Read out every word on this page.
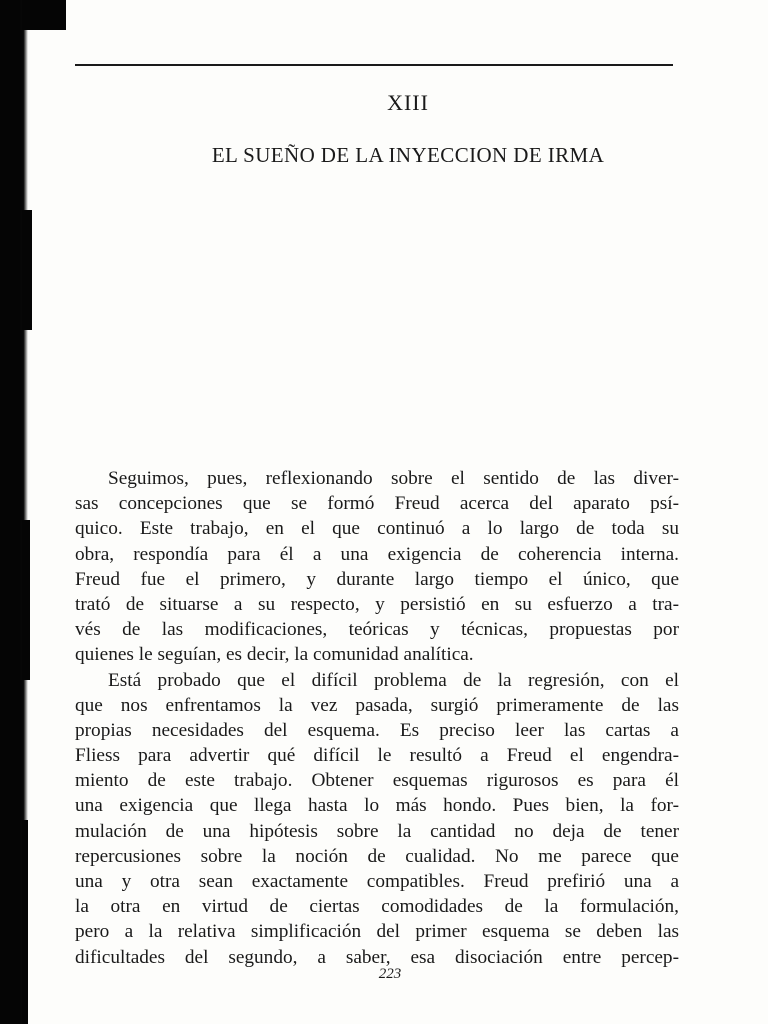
XIII
EL SUEÑO DE LA INYECCION DE IRMA
Seguimos, pues, reflexionando sobre el sentido de las diver-
sas concepciones que se formó Freud acerca del aparato psí-
quico. Este trabajo, en el que continuó a lo largo de toda su
obra, respondía para él a una exigencia de coherencia interna.
Freud fue el primero, y durante largo tiempo el único, que
trató de situarse a su respecto, y persistió en su esfuerzo a tra-
vés de las modificaciones, teóricas y técnicas, propuestas por
quienes le seguían, es decir, la comunidad analítica.
Está probado que el difícil problema de la regresión, con el
que nos enfrentamos la vez pasada, surgió primeramente de las
propias necesidades del esquema. Es preciso leer las cartas a
Fliess para advertir qué difícil le resultó a Freud el engendra-
miento de este trabajo. Obtener esquemas rigurosos es para él
una exigencia que llega hasta lo más hondo. Pues bien, la for-
mulación de una hipótesis sobre la cantidad no deja de tener
repercusiones sobre la noción de cualidad. No me parece que
una y otra sean exactamente compatibles. Freud prefirió una a
la otra en virtud de ciertas comodidades de la formulación,
pero a la relativa simplificación del primer esquema se deben las
dificultades del segundo, a saber, esa disociación entre percep-
223
